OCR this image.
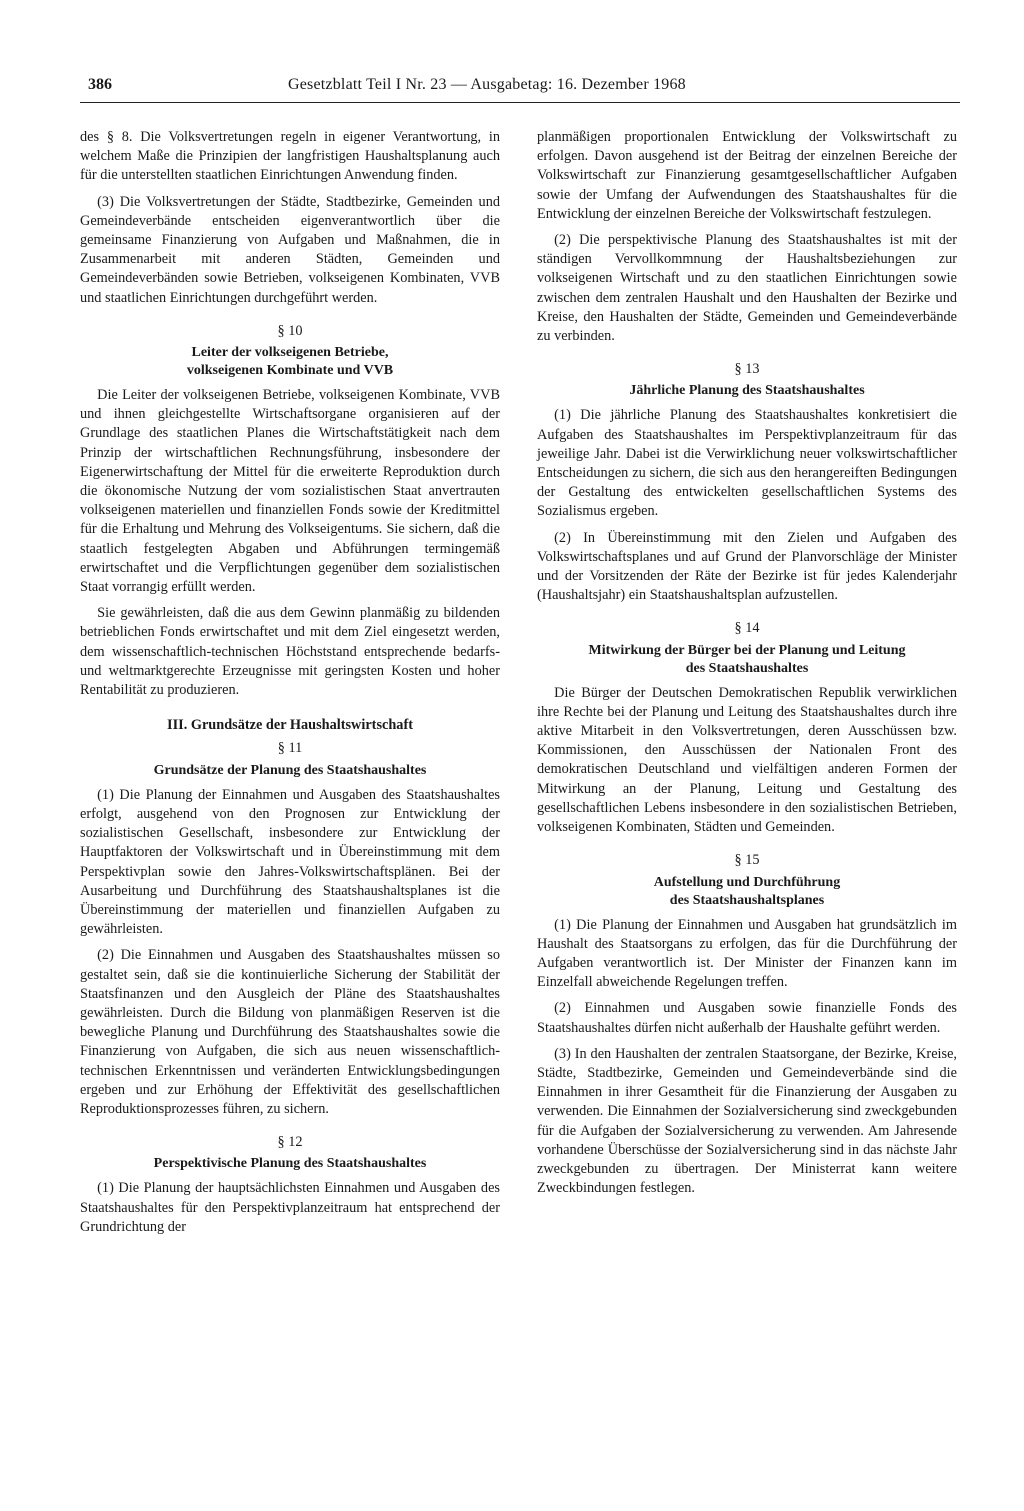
386	Gesetzblatt Teil I Nr. 23 — Ausgabetag: 16. Dezember 1968

des § 8. Die Volksvertretungen regeln in eigener Verantwortung, in welchem Maße die Prinzipien der langfristigen Haushaltsplanung auch für die unterstellten staatlichen Einrichtungen Anwendung finden.

(3) Die Volksvertretungen der Städte, Stadtbezirke, Gemeinden und Gemeindeverbände entscheiden eigenverantwortlich über die gemeinsame Finanzierung von Aufgaben und Maßnahmen, die in Zusammenarbeit mit anderen Städten, Gemeinden und Gemeindeverbänden sowie Betrieben, volkseigenen Kombinaten, VVB und staatlichen Einrichtungen durchgeführt werden.

§ 10
Leiter der volkseigenen Betriebe,
volkseigenen Kombinate und VVB

Die Leiter der volkseigenen Betriebe, volkseigenen Kombinate, VVB und ihnen gleichgestellte Wirtschaftsorgane organisieren auf der Grundlage des staatlichen Planes die Wirtschaftstätigkeit nach dem Prinzip der wirtschaftlichen Rechnungsführung, insbesondere der Eigenerwirtschaftung der Mittel für die erweiterte Reproduktion durch die ökonomische Nutzung der vom sozialistischen Staat anvertrauten volkseigenen materiellen und finanziellen Fonds sowie der Kreditmittel für die Erhaltung und Mehrung des Volkseigentums. Sie sichern, daß die staatlich festgelegten Abgaben und Abführungen termingemäß erwirtschaftet und die Verpflichtungen gegenüber dem sozialistischen Staat vorrangig erfüllt werden.

Sie gewährleisten, daß die aus dem Gewinn planmäßig zu bildenden betrieblichen Fonds erwirtschaftet und mit dem Ziel eingesetzt werden, dem wissenschaftlich-technischen Höchststand entsprechende bedarfs- und weltmarktgerechte Erzeugnisse mit geringsten Kosten und hoher Rentabilität zu produzieren.

III. Grundsätze der Haushaltswirtschaft
§ 11
Grundsätze der Planung des Staatshaushaltes

(1) Die Planung der Einnahmen und Ausgaben des Staatshaushaltes erfolgt, ausgehend von den Prognosen zur Entwicklung der sozialistischen Gesellschaft, insbesondere zur Entwicklung der Hauptfaktoren der Volkswirtschaft und in Übereinstimmung mit dem Perspektivplan sowie den Jahres-Volkswirtschaftsplänen. Bei der Ausarbeitung und Durchführung des Staatshaushaltsplanes ist die Übereinstimmung der materiellen und finanziellen Aufgaben zu gewährleisten.

(2) Die Einnahmen und Ausgaben des Staatshaushaltes müssen so gestaltet sein, daß sie die kontinuierliche Sicherung der Stabilität der Staatsfinanzen und den Ausgleich der Pläne des Staatshaushaltes gewährleisten. Durch die Bildung von planmäßigen Reserven ist die bewegliche Planung und Durchführung des Staatshaushaltes sowie die Finanzierung von Aufgaben, die sich aus neuen wissenschaftlich-technischen Erkenntnissen und veränderten Entwicklungsbedingungen ergeben und zur Erhöhung der Effektivität des gesellschaftlichen Reproduktionsprozesses führen, zu sichern.

§ 12
Perspektivische Planung des Staatshaushaltes

(1) Die Planung der hauptsächlichsten Einnahmen und Ausgaben des Staatshaushaltes für den Perspektivplanzeitraum hat entsprechend der Grundrichtung der

planmäßigen proportionalen Entwicklung der Volkswirtschaft zu erfolgen. Davon ausgehend ist der Beitrag der einzelnen Bereiche der Volkswirtschaft zur Finanzierung gesamtgesellschaftlicher Aufgaben sowie der Umfang der Aufwendungen des Staatshaushaltes für die Entwicklung der einzelnen Bereiche der Volkswirtschaft festzulegen.

(2) Die perspektivische Planung des Staatshaushaltes ist mit der ständigen Vervollkommnung der Haushaltsbeziehungen zur volkseigenen Wirtschaft und zu den staatlichen Einrichtungen sowie zwischen dem zentralen Haushalt und den Haushalten der Bezirke und Kreise, den Haushalten der Städte, Gemeinden und Gemeindeverbände zu verbinden.

§ 13
Jährliche Planung des Staatshaushaltes

(1) Die jährliche Planung des Staatshaushaltes konkretisiert die Aufgaben des Staatshaushaltes im Perspektivplanzeitraum für das jeweilige Jahr. Dabei ist die Verwirklichung neuer volkswirtschaftlicher Entscheidungen zu sichern, die sich aus den herangereiften Bedingungen der Gestaltung des entwickelten gesellschaftlichen Systems des Sozialismus ergeben.

(2) In Übereinstimmung mit den Zielen und Aufgaben des Volkswirtschaftsplanes und auf Grund der Planvorschläge der Minister und der Vorsitzenden der Räte der Bezirke ist für jedes Kalenderjahr (Haushaltsjahr) ein Staatshaushaltsplan aufzustellen.

§ 14
Mitwirkung der Bürger bei der Planung und Leitung
des Staatshaushaltes

Die Bürger der Deutschen Demokratischen Republik verwirklichen ihre Rechte bei der Planung und Leitung des Staatshaushaltes durch ihre aktive Mitarbeit in den Volksvertretungen, deren Ausschüssen bzw. Kommissionen, den Ausschüssen der Nationalen Front des demokratischen Deutschland und vielfältigen anderen Formen der Mitwirkung an der Planung, Leitung und Gestaltung des gesellschaftlichen Lebens insbesondere in den sozialistischen Betrieben, volkseigenen Kombinaten, Städten und Gemeinden.

§ 15
Aufstellung und Durchführung
des Staatshaushaltsplanes

(1) Die Planung der Einnahmen und Ausgaben hat grundsätzlich im Haushalt des Staatsorgans zu erfolgen, das für die Durchführung der Aufgaben verantwortlich ist. Der Minister der Finanzen kann im Einzelfall abweichende Regelungen treffen.

(2) Einnahmen und Ausgaben sowie finanzielle Fonds des Staatshaushaltes dürfen nicht außerhalb der Haushalte geführt werden.

(3) In den Haushalten der zentralen Staatsorgane, der Bezirke, Kreise, Städte, Stadtbezirke, Gemeinden und Gemeindeverbände sind die Einnahmen in ihrer Gesamtheit für die Finanzierung der Ausgaben zu verwenden. Die Einnahmen der Sozialversicherung sind zweckgebunden für die Aufgaben der Sozialversicherung zu verwenden. Am Jahresende vorhandene Überschüsse der Sozialversicherung sind in das nächste Jahr zweckgebunden zu übertragen. Der Ministerrat kann weitere Zweckbindungen festlegen.
